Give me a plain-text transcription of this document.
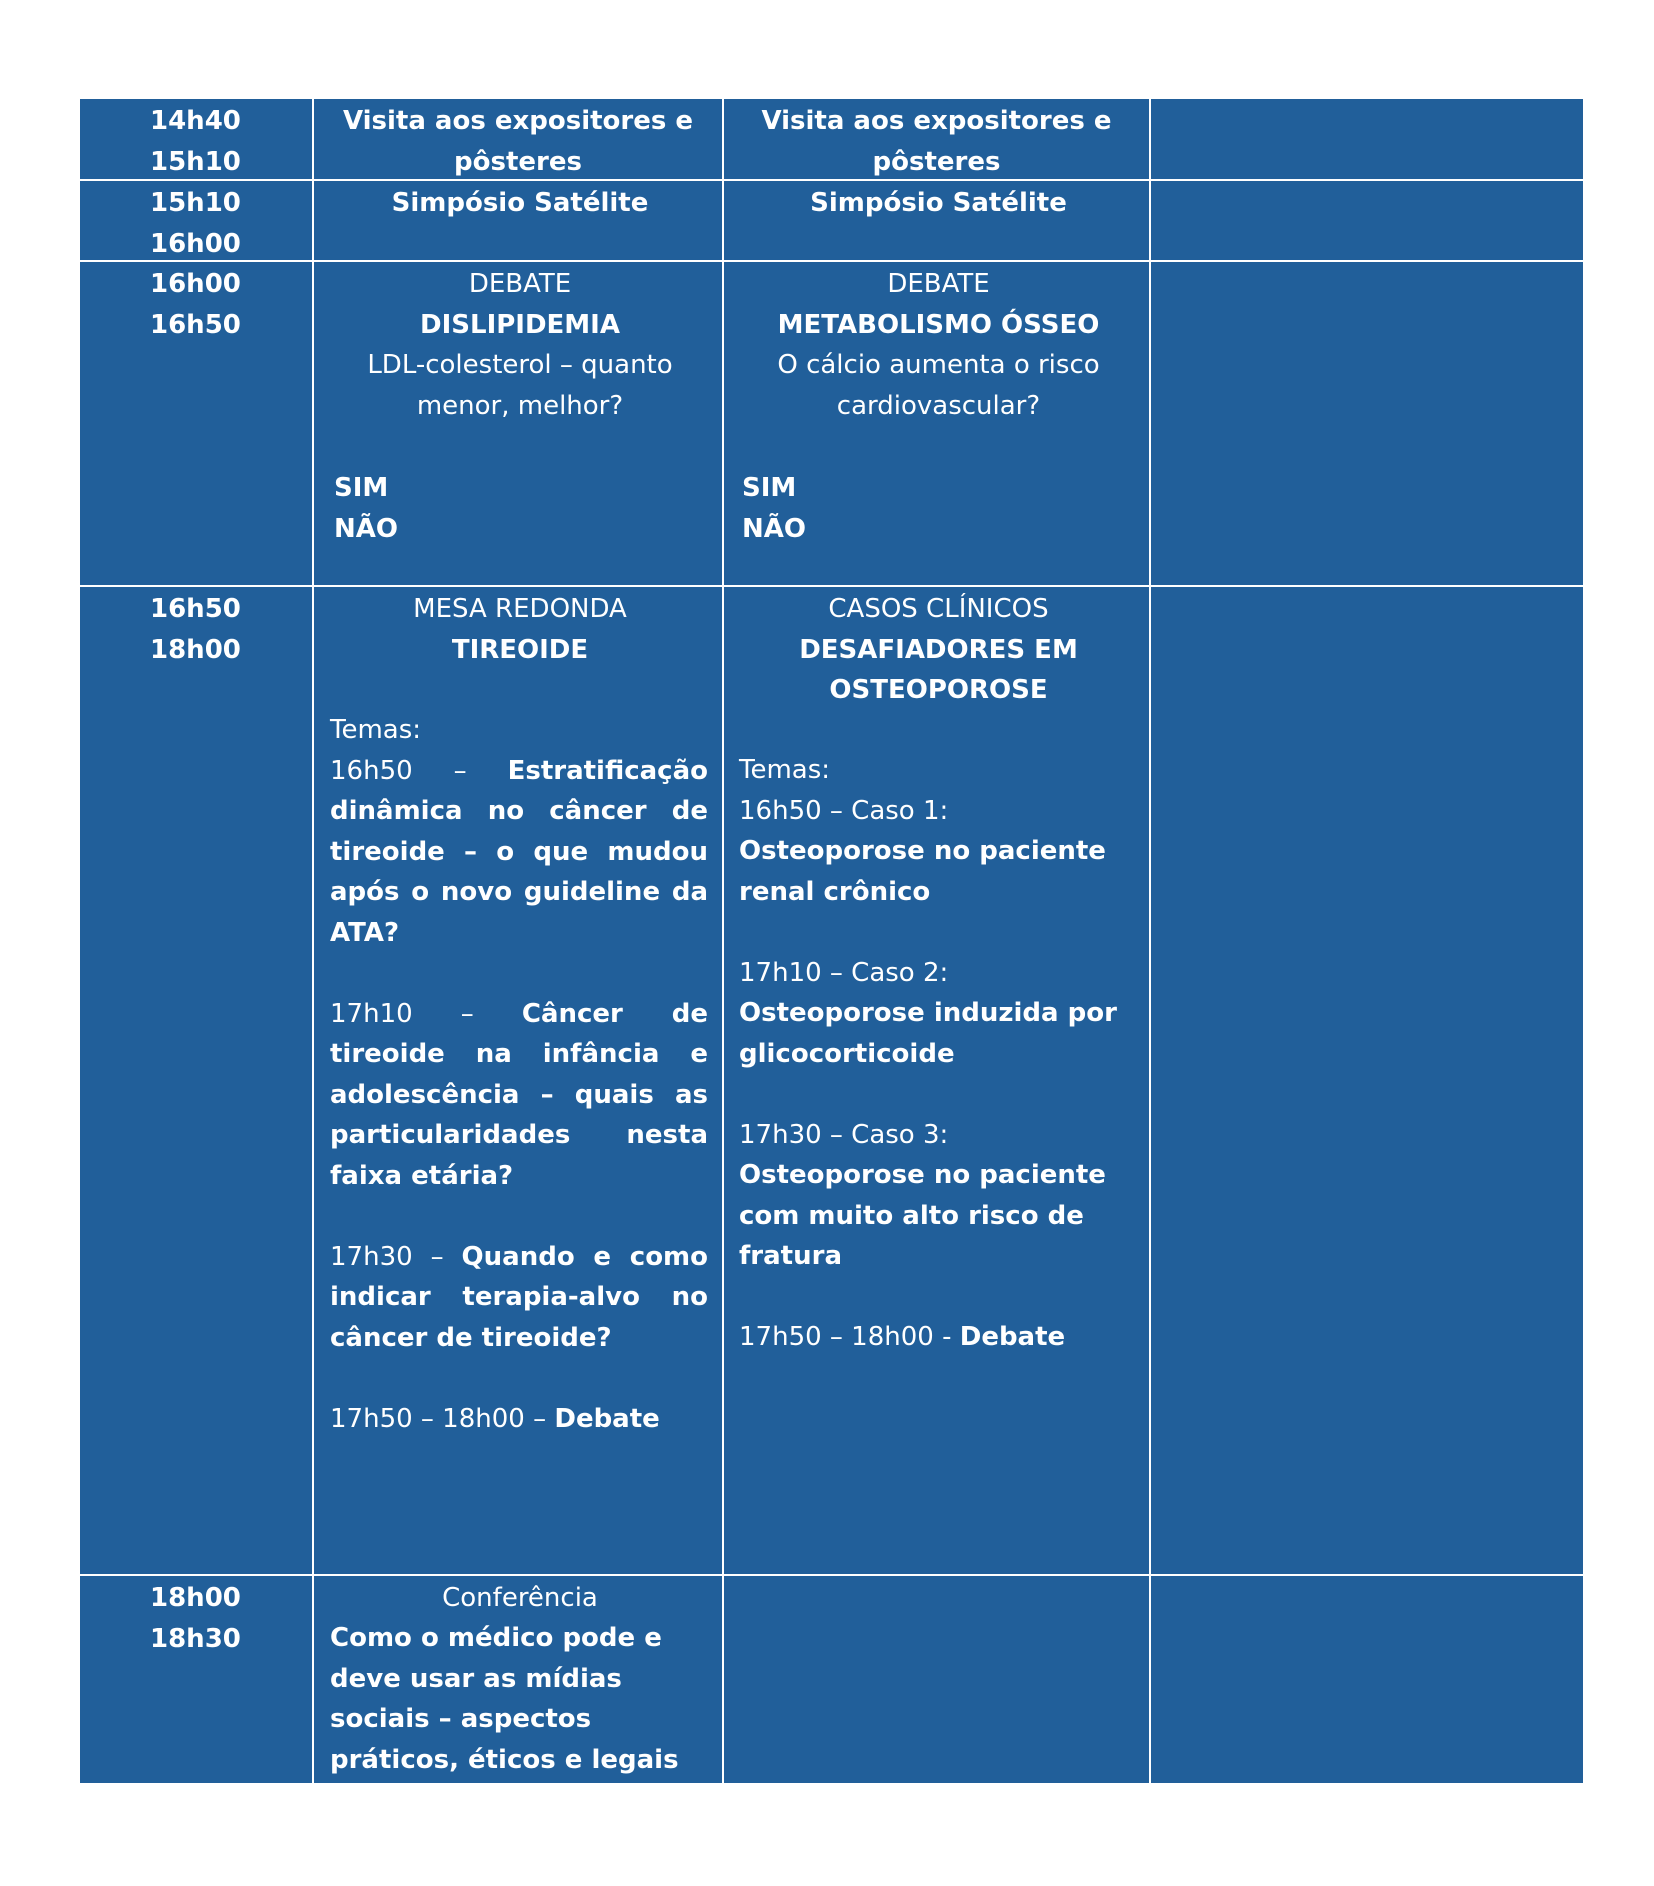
14h40
15h10

Visita aos expositores e pôsteres

Visita aos expositores e pôsteres

15h10
16h00

Simpósio Satélite	Simpósio Satélite

16h00
16h50

DEBATE

DISLIPIDEMIA

LDL-colesterol – quanto menor, melhor?

SIM

NÃO

DEBATE

METABOLISMO ÓSSEO

O cálcio aumenta o risco cardiovascular?

SIM

NÃO

16h50
18h00

MESA REDONDA

TIREOIDE

Temas:

16h50 – Estratificação dinâmica no câncer de tireoide – o que mudou após o novo guideline da ATA?

17h10 – Câncer de tireoide na infância e adolescência – quais as particularidades nesta faixa etária?

17h30 – Quando e como indicar terapia-alvo no câncer de tireoide?

17h50 – 18h00 – Debate

CASOS CLÍNICOS

DESAFIADORES EM OSTEOPOROSE

Temas:

16h50 – Caso 1:

Osteoporose no paciente renal crônico

17h10 – Caso 2:

Osteoporose induzida por glicocorticoide

17h30 – Caso 3:

Osteoporose no paciente com muito alto risco de fratura

17h50 – 18h00 - Debate

18h00
18h30

Conferência

Como o médico pode e deve usar as mídias sociais – aspectos práticos, éticos e legais

18h30	ABERTURA
